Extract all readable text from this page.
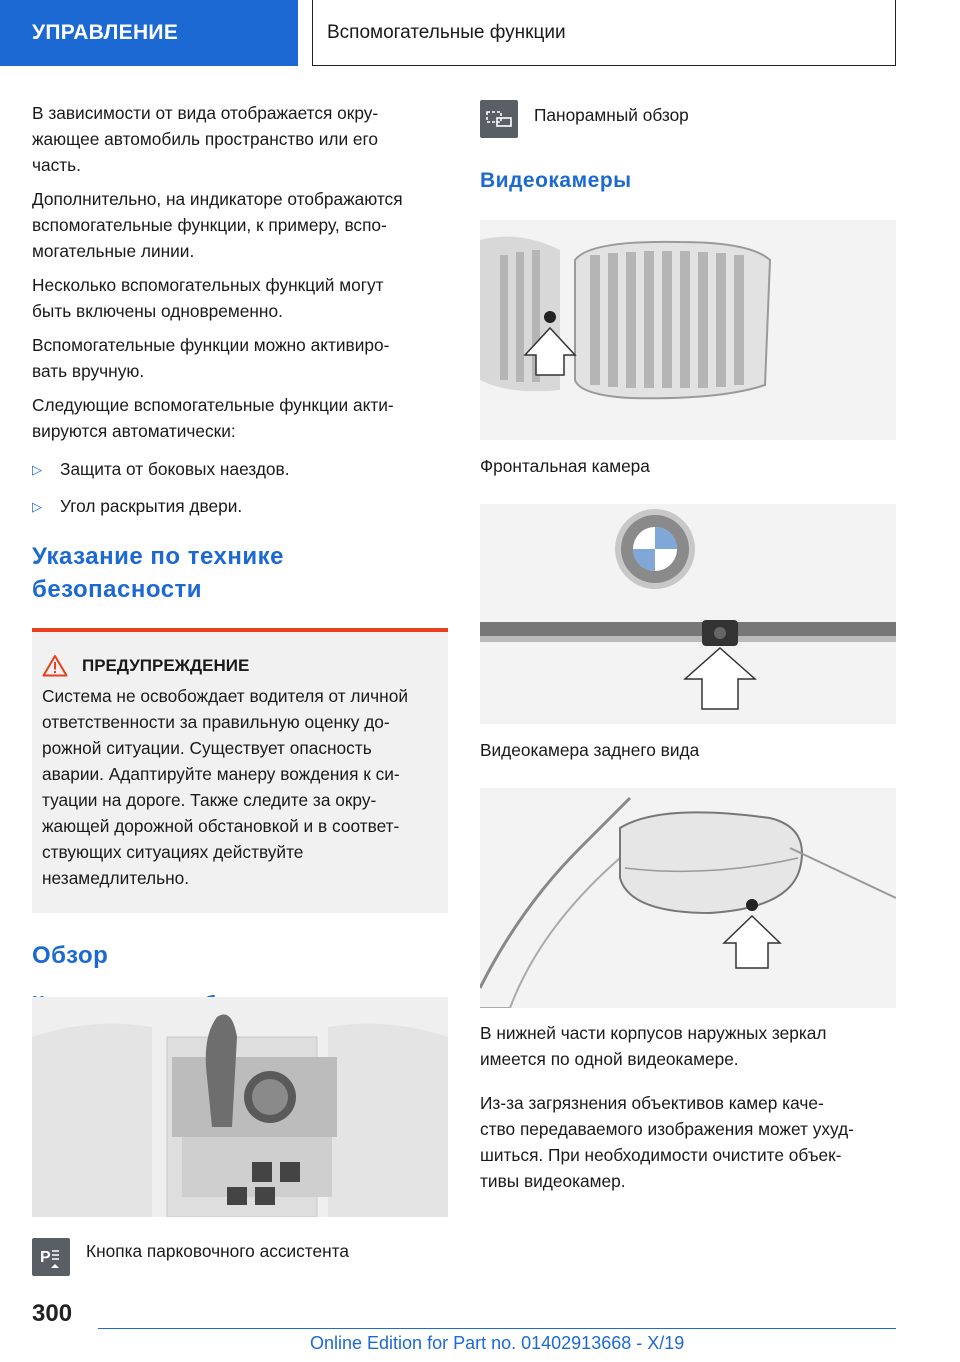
УПРАВЛЕНИЕ	Вспомогательные функции

В зависимости от вида отображается окру-
жающее автомобиль пространство или его
часть.

Дополнительно, на индикаторе отображаются
вспомогательные функции, к примеру, вспо-
могательные линии.

Несколько вспомогательных функций могут
быть включены одновременно.

Вспомогательные функции можно активиро-
вать вручную.

Следующие вспомогательные функции акти-
вируются автоматически:

▷	Защита от боковых наездов.
▷	Угол раскрытия двери.
Указание по технике
безопасности
ПРЕДУПРЕЖДЕНИЕ
Система не освобождает водителя от личной
ответственности за правильную оценку до-
рожной ситуации. Существует опасность
аварии. Адаптируйте манеру вождения к си-
туации на дороге. Также следите за окру-
жающей дорожной обстановкой и в соответ-
ствующих ситуациях действуйте
незамедлительно.
Обзор
P Кнопка парковочного ассистента
Панорамный обзор
Видеокамеры
Фронтальная камера
Видеокамера заднего вида
В нижней части корпусов наружных зеркал
имеется по одной видеокамере.
Из-за загрязнения объективов камер каче-
ство передаваемого изображения может ухуд-
шиться. При необходимости очистите объек-
тивы видеокамер.
300
Online Edition for Part no. 01402913668 - X/19
